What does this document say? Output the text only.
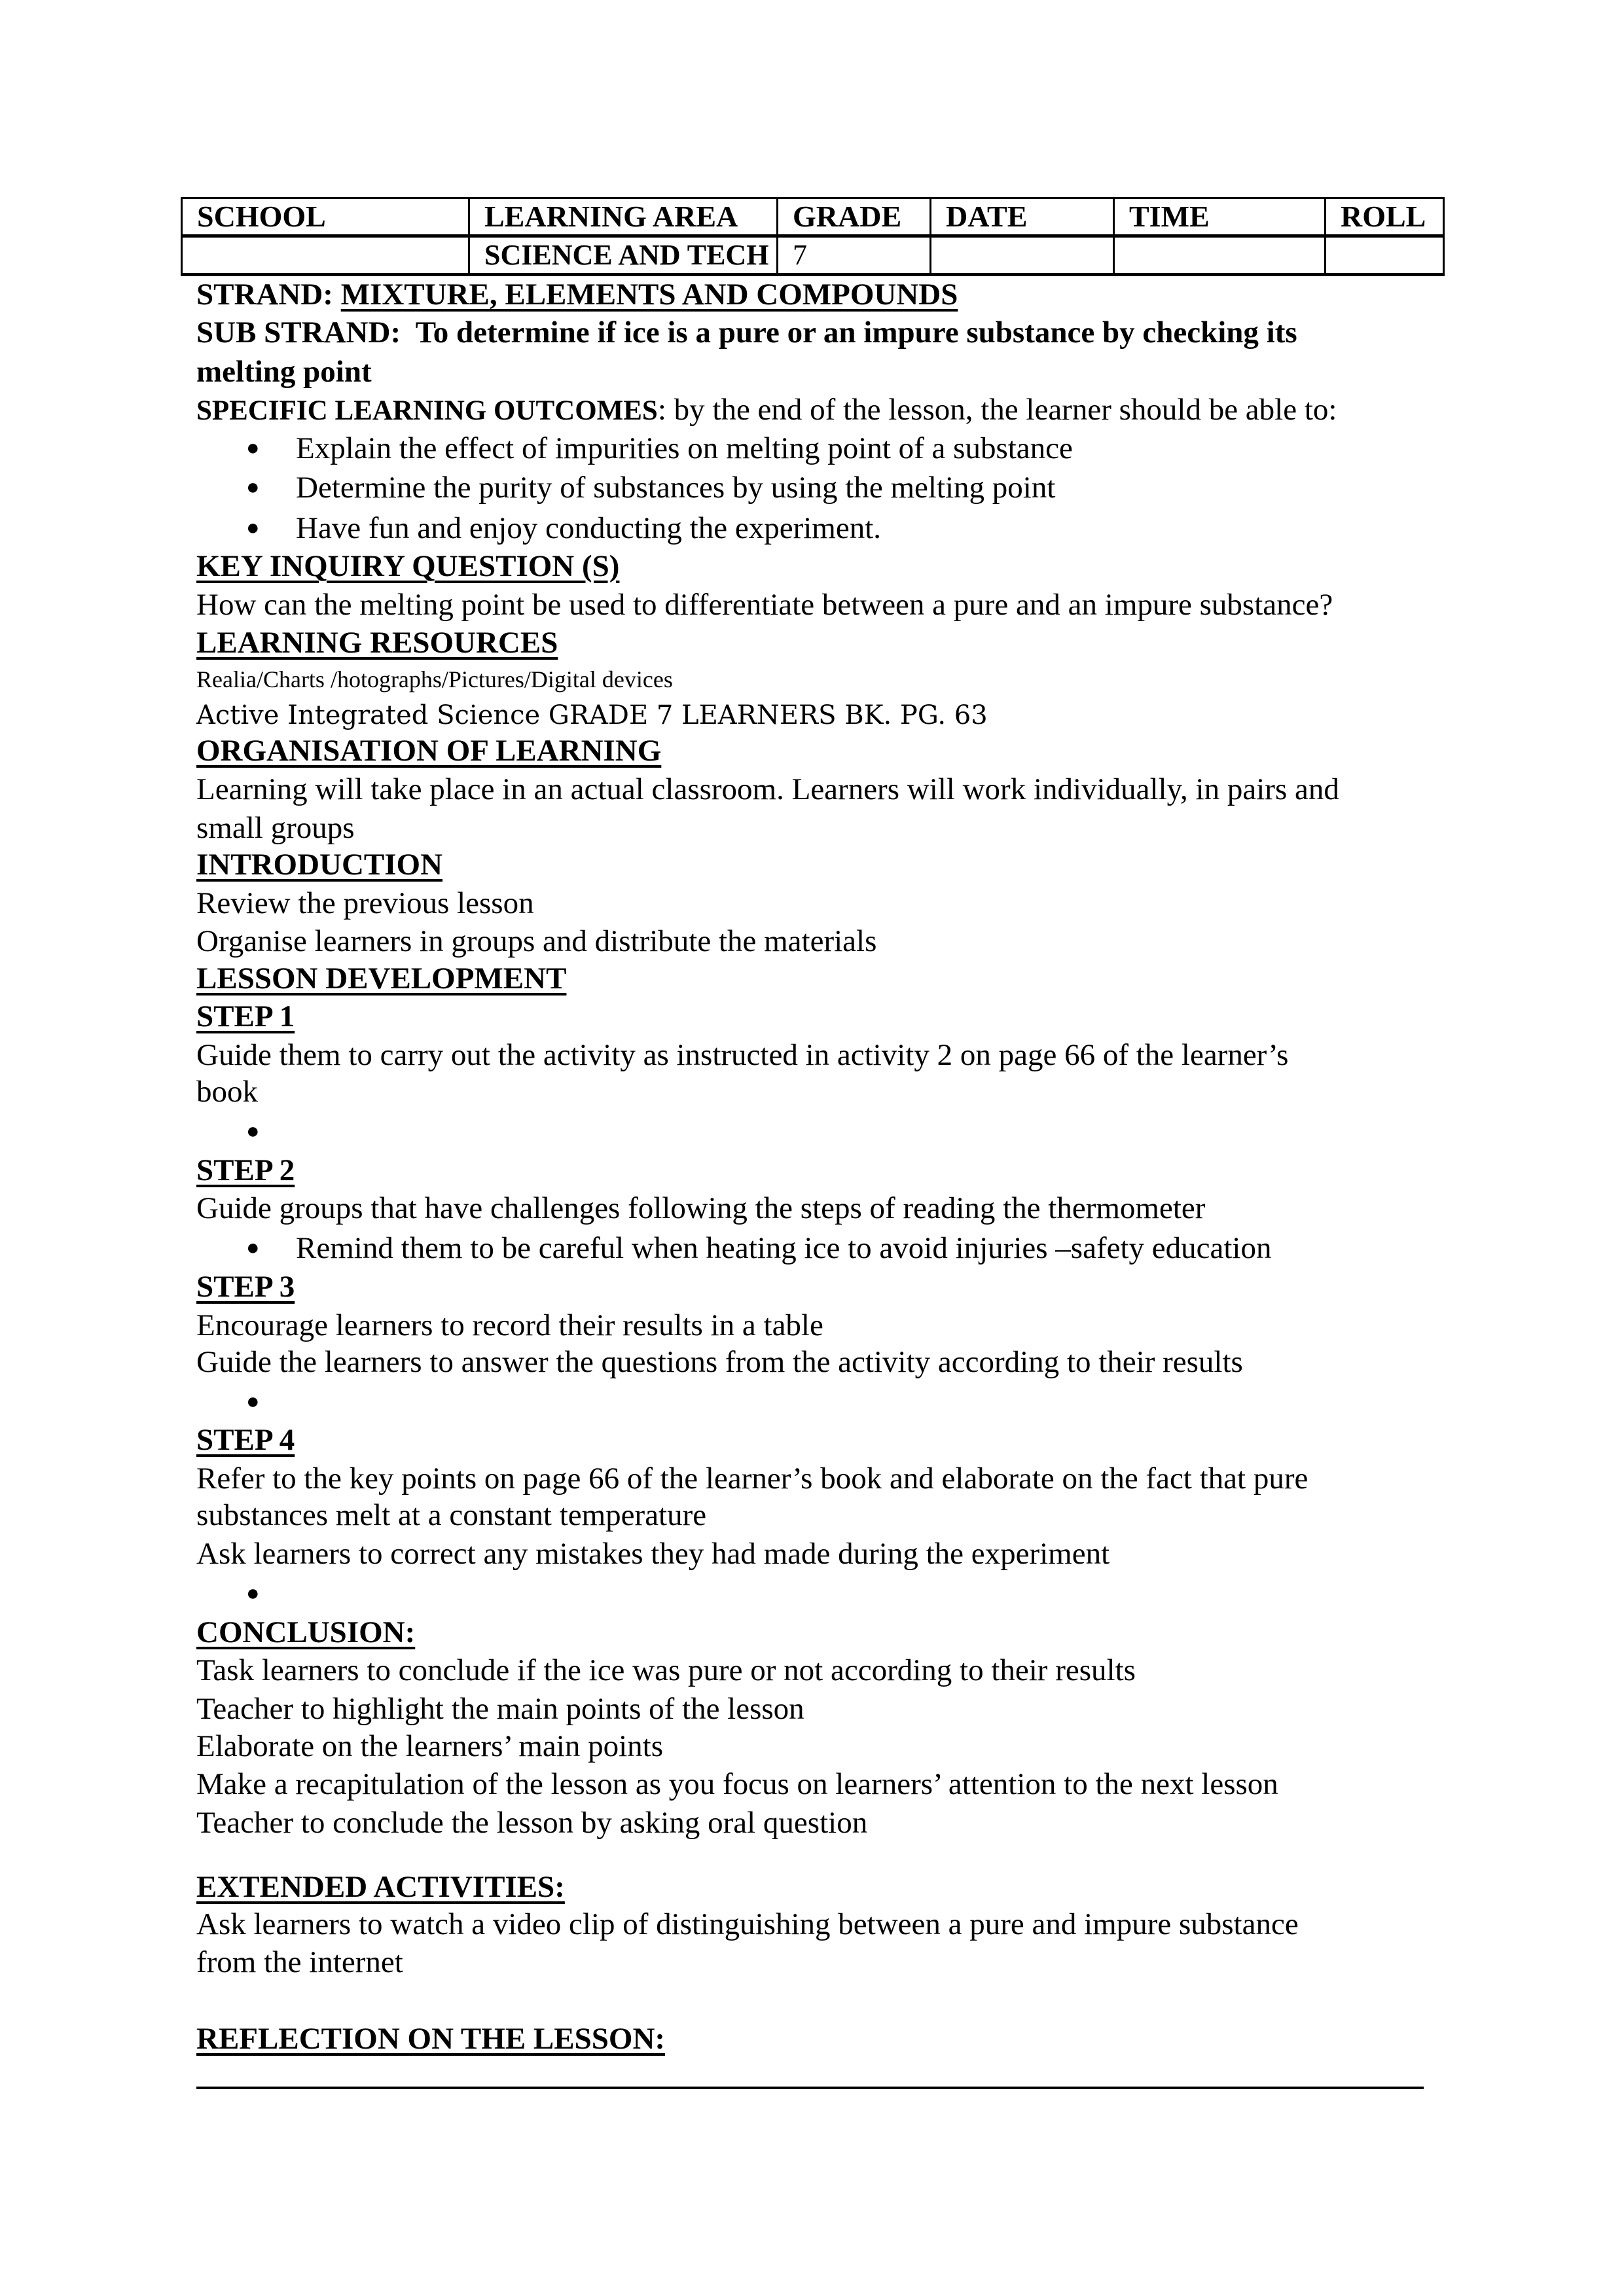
SCHOOL	LEARNING AREA	GRADE	DATE	TIME	ROLL
	SCIENCE AND TECH	7			
STRAND: MIXTURE, ELEMENTS AND COMPOUNDS
SUB STRAND:  To determine if ice is a pure or an impure substance by checking its
melting point
SPECIFIC LEARNING OUTCOMES: by the end of the lesson, the learner should be able to:
● Explain the effect of impurities on melting point of a substance
● Determine the purity of substances by using the melting point
● Have fun and enjoy conducting the experiment.
KEY INQUIRY QUESTION (S)
How can the melting point be used to differentiate between a pure and an impure substance?
LEARNING RESOURCES
Realia/Charts /hotographs/Pictures/Digital devices
Active Integrated Science GRADE 7 LEARNERS BK. PG. 63
ORGANISATION OF LEARNING
Learning will take place in an actual classroom. Learners will work individually, in pairs and
small groups
INTRODUCTION
Review the previous lesson
Organise learners in groups and distribute the materials
LESSON DEVELOPMENT
STEP 1
Guide them to carry out the activity as instructed in activity 2 on page 66 of the learner’s
book
●
STEP 2
Guide groups that have challenges following the steps of reading the thermometer
● Remind them to be careful when heating ice to avoid injuries –safety education
STEP 3
Encourage learners to record their results in a table
Guide the learners to answer the questions from the activity according to their results
●
STEP 4
Refer to the key points on page 66 of the learner’s book and elaborate on the fact that pure
substances melt at a constant temperature
Ask learners to correct any mistakes they had made during the experiment
●
CONCLUSION:
Task learners to conclude if the ice was pure or not according to their results
Teacher to highlight the main points of the lesson
Elaborate on the learners’ main points
Make a recapitulation of the lesson as you focus on learners’ attention to the next lesson
Teacher to conclude the lesson by asking oral question
EXTENDED ACTIVITIES:
Ask learners to watch a video clip of distinguishing between a pure and impure substance
from the internet
REFLECTION ON THE LESSON:
